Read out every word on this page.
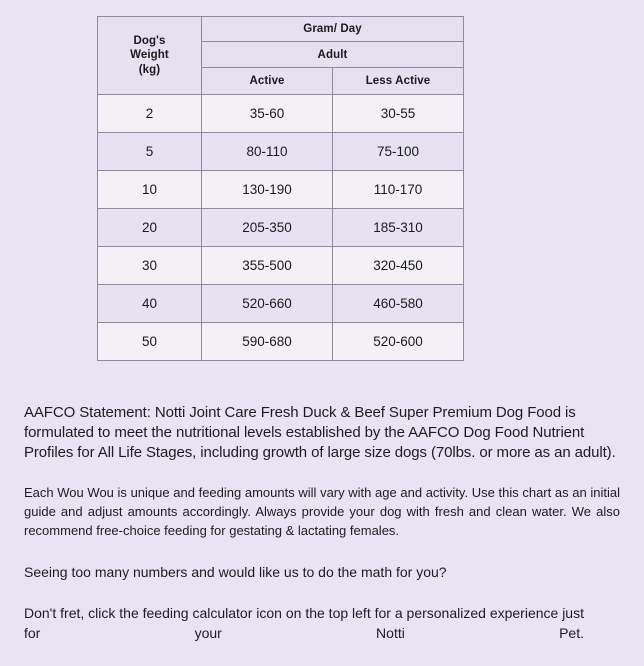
Dog's
Weight
(kg)	Gram/ Day	
	Adult	
	Active	Less Active
2	35-60	30-55
5	80-110	75-100
10	130-190	110-170
20	205-350	185-310
30	355-500	320-450
40	520-660	460-580
50	590-680	520-600

AAFCO Statement: Notti Joint Care Fresh Duck & Beef Super Premium Dog Food is formulated to meet the nutritional levels established by the AAFCO Dog Food Nutrient Profiles for All Life Stages, including growth of large size dogs (70lbs. or more as an adult).

Each Wou Wou is unique and feeding amounts will vary with age and activity. Use this chart as an initial guide and adjust amounts accordingly. Always provide your dog with fresh and clean water. We also recommend free-choice feeding for gestating & lactating females.

Seeing too many numbers and would like us to do the math for you?

Don't fret, click the feeding calculator icon on the top left for a personalized experience just for your Notti Pet.
